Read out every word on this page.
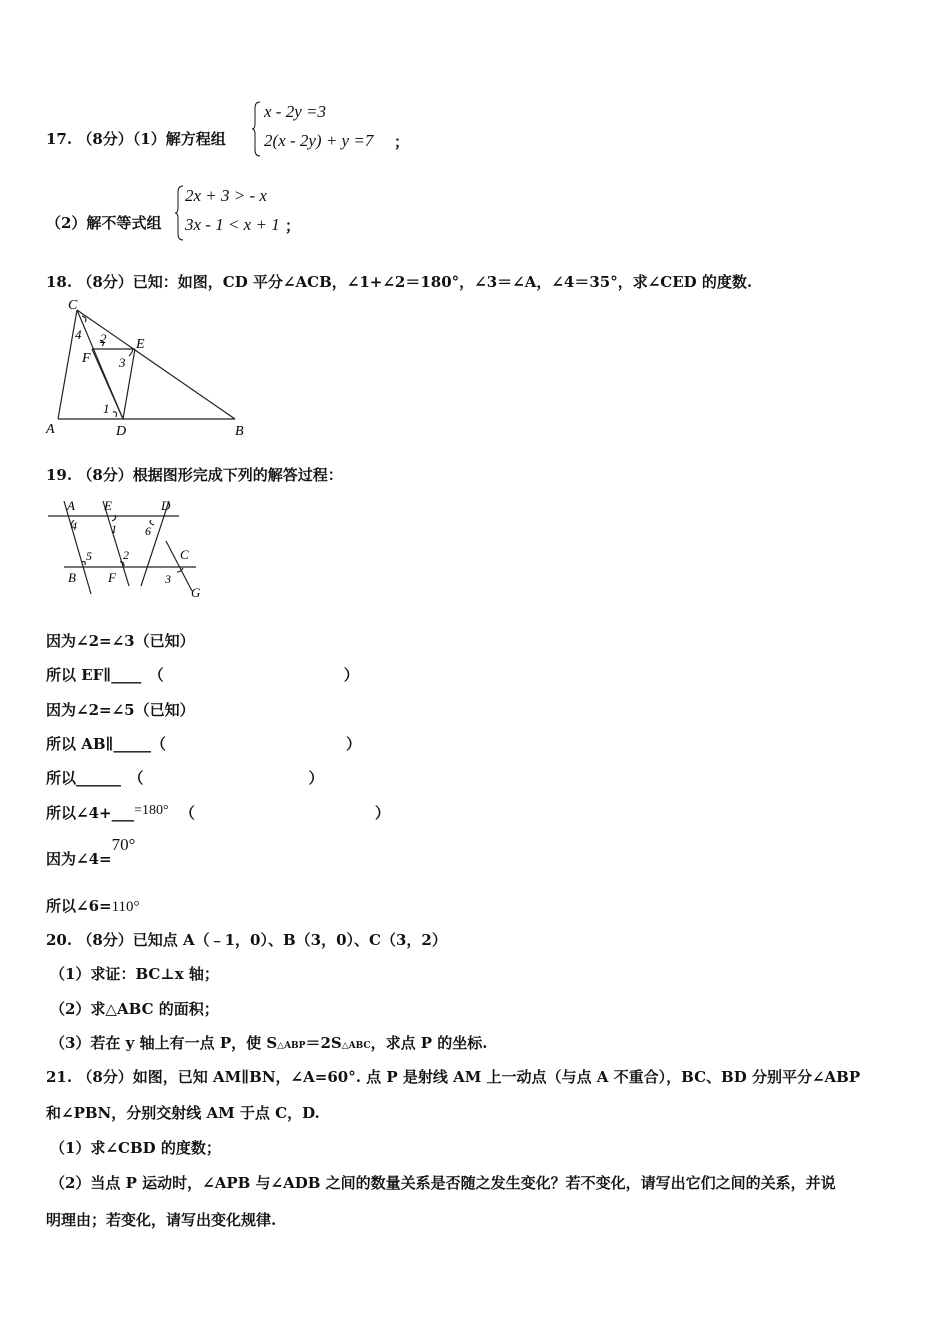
17. （8分）（1）解方程组
x - 2y =3
2(x - 2y) + y =7 ；
（2）解不等式组
2x + 3 > - x
3x - 1 < x + 1 ；
18. （8分）已知：如图，CD 平分∠ACB，∠1+∠2＝180°，∠3＝∠A，∠4＝35°，求∠CED 的度数.
C
E
F
A	D	B
4 2
3
1
19. （8分）根据图形完成下列的解答过程：
A E	D
B F
C
G
4	1 6
5	2
3
因为∠2=∠3（已知）
所以 EF∥____　（　　　　　　　　　　　　）
因为∠2=∠5（已知）
所以 AB∥_____（　　　　　　　　　　　　）
所以______　（　　　　　　　　　　　）
所以∠4+___=180° （　　　　　　　　　　　　）
因为∠4=70°
所以∠6=110°
20. （8分）已知点 A（﹣1，0）、B（3，0）、C（3，2）
（1）求证：BC⊥x 轴；
（2）求△ABC 的面积；
（3）若在 y 轴上有一点 P，使 S△ABP＝2S△ABC，求点 P 的坐标.
21. （8分）如图，已知 AM∥BN，∠A=60°. 点 P 是射线 AM 上一动点（与点 A 不重合），BC、BD 分别平分∠ABP
和∠PBN，分别交射线 AM 于点 C，D.
（1）求∠CBD 的度数；
（2）当点 P 运动时，∠APB 与∠ADB 之间的数量关系是否随之发生变化？若不变化，请写出它们之间的关系，并说
明理由；若变化，请写出变化规律.
